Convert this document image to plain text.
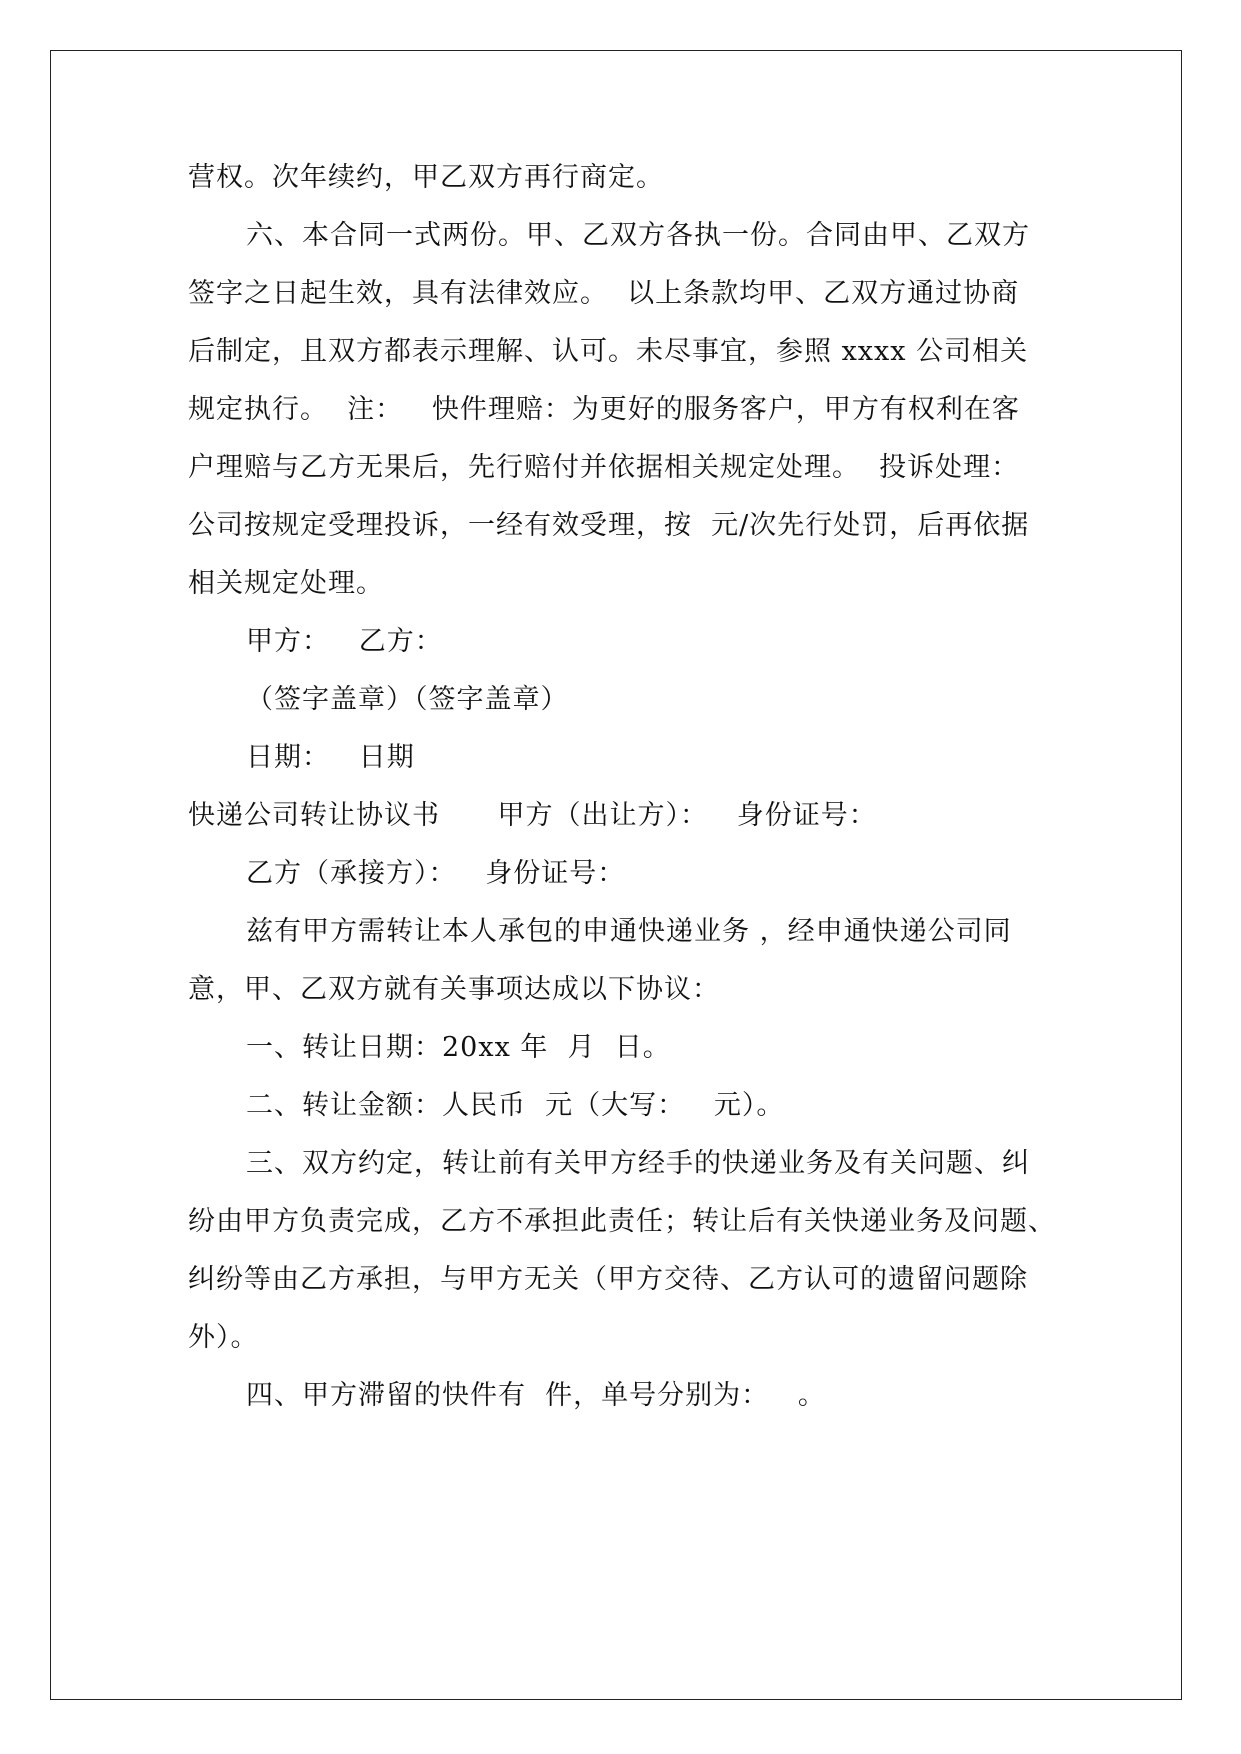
营权。次年续约，甲乙双方再行商定。
六、本合同一式两份。甲、乙双方各执一份。合同由甲、乙双方
签字之日起生效，具有法律效应。  以上条款均甲、乙双方通过协商
后制定，且双方都表示理解、认可。未尽事宜，参照 xxxx 公司相关
规定执行。  注：   快件理赔：为更好的服务客户，甲方有权利在客
户理赔与乙方无果后，先行赔付并依据相关规定处理。  投诉处理：
公司按规定受理投诉，一经有效受理，按  元/次先行处罚，后再依据
相关规定处理。
甲方：   乙方：
（签字盖章）（签字盖章）
日期：   日期
快递公司转让协议书      甲方（出让方）：   身份证号：
乙方（承接方）：   身份证号：
兹有甲方需转让本人承包的申通快递业务 ，经申通快递公司同
意，甲、乙双方就有关事项达成以下协议：
一、转让日期：20xx 年  月  日。
二、转让金额：人民币  元（大写：   元）。
三、双方约定，转让前有关甲方经手的快递业务及有关问题、纠
纷由甲方负责完成，乙方不承担此责任；转让后有关快递业务及问题、
纠纷等由乙方承担，与甲方无关（甲方交待、乙方认可的遗留问题除
外）。
四、甲方滞留的快件有  件，单号分别为：   。
